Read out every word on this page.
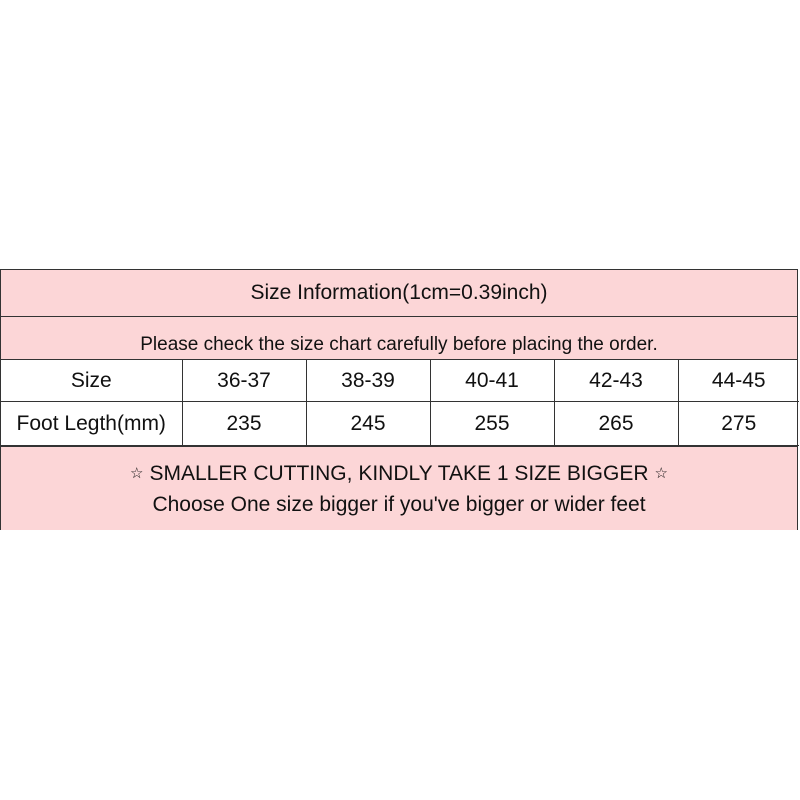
Size Information(1cm=0.39inch)
Please check the size chart carefully before placing the order.
Size	36-37	38-39	40-41	42-43	44-45
Foot Legth(mm)	235	245	255	265	275
☆ SMALLER CUTTING, KINDLY TAKE 1 SIZE BIGGER ☆
Choose One size bigger if you've bigger or wider feet
